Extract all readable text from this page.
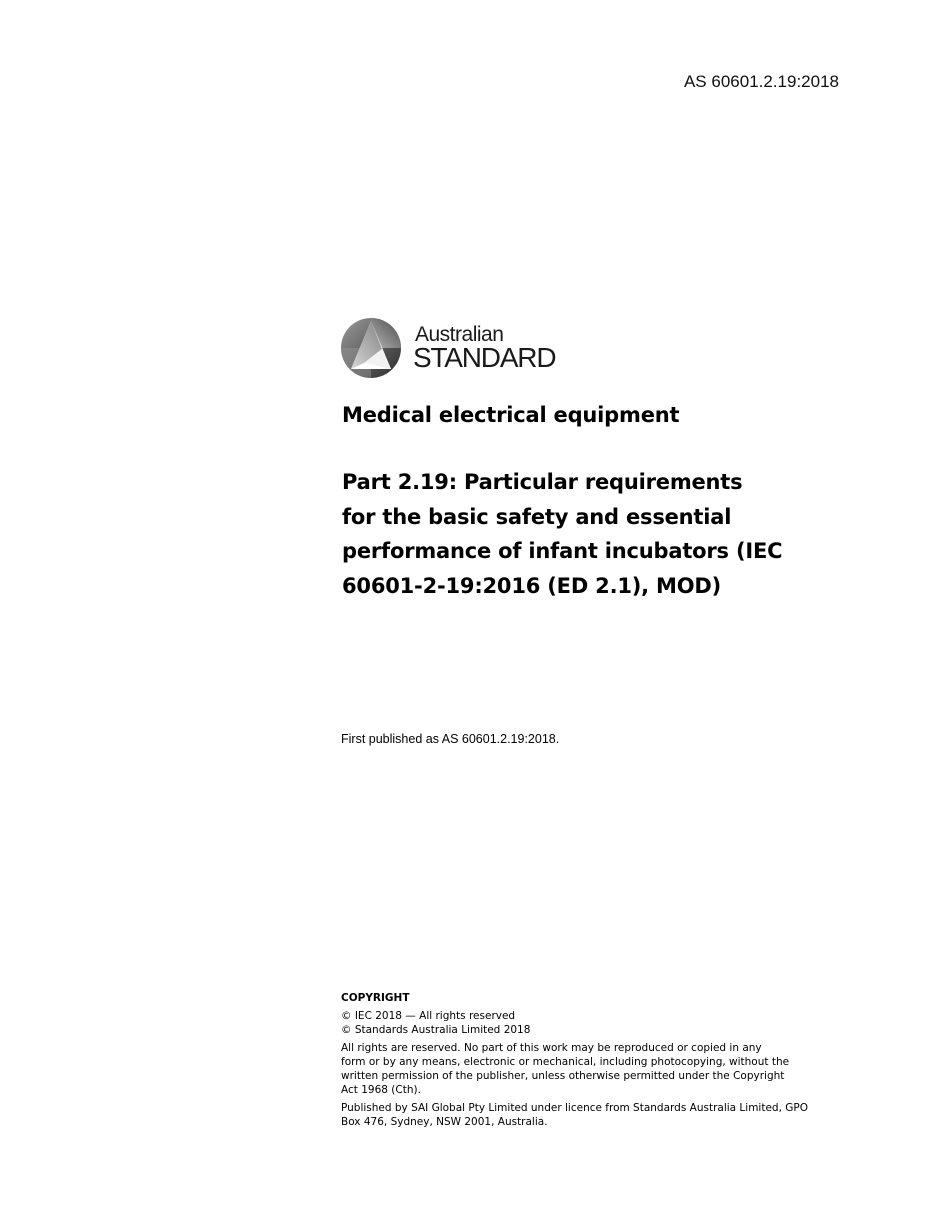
AS 60601.2.19:2018
Australian
STANDARD
Medical electrical equipment
Part 2.19: Particular requirements
for the basic safety and essential
performance of infant incubators (IEC
60601-2-19:2016 (ED 2.1), MOD)
First published as AS 60601.2.19:2018.
COPYRIGHT
© IEC 2018 — All rights reserved
© Standards Australia Limited 2018
All rights are reserved. No part of this work may be reproduced or copied in any
form or by any means, electronic or mechanical, including photocopying, without the
written permission of the publisher, unless otherwise permitted under the Copyright
Act 1968 (Cth).
Published by SAI Global Pty Limited under licence from Standards Australia Limited, GPO
Box 476, Sydney, NSW 2001, Australia.
